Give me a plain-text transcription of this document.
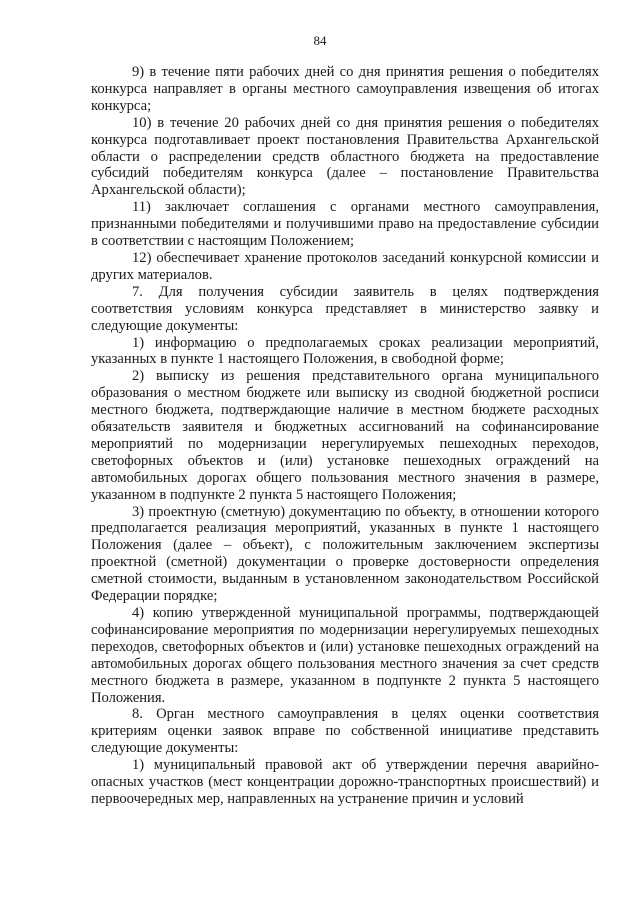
84

9) в течение пяти рабочих дней со дня принятия решения о победителях конкурса направляет в органы местного самоуправления извещения об итогах конкурса;

10) в течение 20 рабочих дней со дня принятия решения о победителях конкурса подготавливает проект постановления Правительства Архангельской области о распределении средств областного бюджета на предоставление субсидий победителям конкурса (далее – постановление Правительства Архангельской области);

11) заключает соглашения с органами местного самоуправления, признанными победителями и получившими право на предоставление субсидии в соответствии с настоящим Положением;

12) обеспечивает хранение протоколов заседаний конкурсной комиссии и других материалов.

7. Для получения субсидии заявитель в целях подтверждения соответствия условиям конкурса представляет в министерство заявку и следующие документы:

1) информацию о предполагаемых сроках реализации мероприятий, указанных в пункте 1 настоящего Положения, в свободной форме;

2) выписку из решения представительного органа муниципального образования о местном бюджете или выписку из сводной бюджетной росписи местного бюджета, подтверждающие наличие в местном бюджете расходных обязательств заявителя и бюджетных ассигнований на софинансирование мероприятий по модернизации нерегулируемых пешеходных переходов, светофорных объектов и (или) установке пешеходных ограждений на автомобильных дорогах общего пользования местного значения в размере, указанном в подпункте 2 пункта 5 настоящего Положения;

3) проектную (сметную) документацию по объекту, в отношении которого предполагается реализация мероприятий, указанных в пункте 1 настоящего Положения (далее – объект), с положительным заключением экспертизы проектной (сметной) документации о проверке достоверности определения сметной стоимости, выданным в установленном законодательством Российской Федерации порядке;

4) копию утвержденной муниципальной программы, подтверждающей софинансирование мероприятия по модернизации нерегулируемых пешеходных переходов, светофорных объектов и (или) установке пешеходных ограждений на автомобильных дорогах общего пользования местного значения за счет средств местного бюджета в размере, указанном в подпункте 2 пункта 5 настоящего Положения.

8. Орган местного самоуправления в целях оценки соответствия критериям оценки заявок вправе по собственной инициативе представить следующие документы:

1) муниципальный правовой акт об утверждении перечня аварийно-опасных участков (мест концентрации дорожно-транспортных происшествий) и первоочередных мер, направленных на устранение причин и условий
